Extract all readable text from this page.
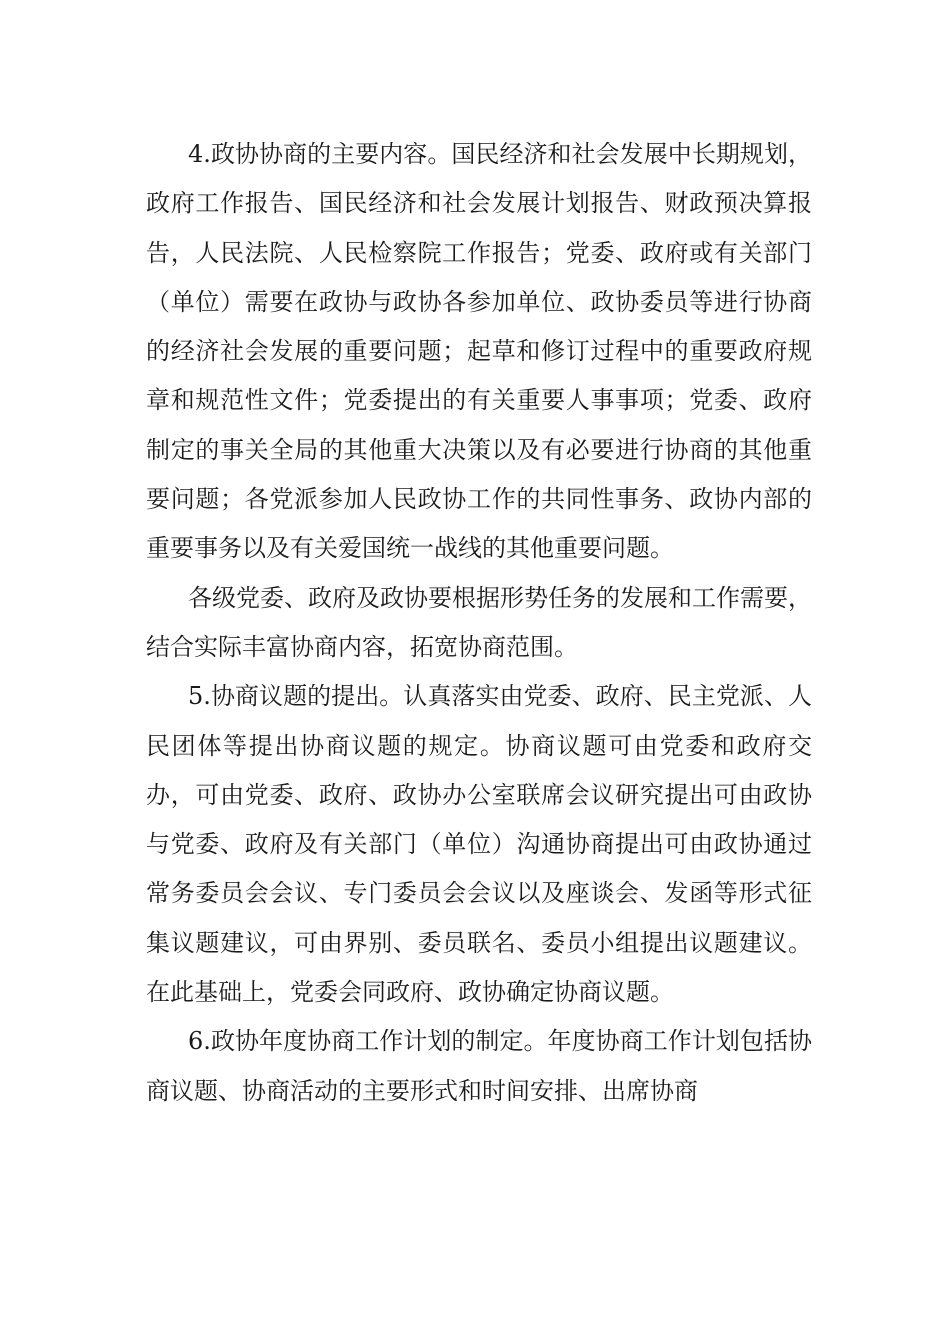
4.政协协商的主要内容。国民经济和社会发展中长期规划，政府工作报告、国民经济和社会发展计划报告、财政预决算报告，人民法院、人民检察院工作报告；党委、政府或有关部门（单位）需要在政协与政协各参加单位、政协委员等进行协商的经济社会发展的重要问题；起草和修订过程中的重要政府规章和规范性文件；党委提出的有关重要人事事项；党委、政府制定的事关全局的其他重大决策以及有必要进行协商的其他重要问题；各党派参加人民政协工作的共同性事务、政协内部的重要事务以及有关爱国统一战线的其他重要问题。

各级党委、政府及政协要根据形势任务的发展和工作需要，结合实际丰富协商内容，拓宽协商范围。

5.协商议题的提出。认真落实由党委、政府、民主党派、人民团体等提出协商议题的规定。协商议题可由党委和政府交办，可由党委、政府、政协办公室联席会议研究提出可由政协与党委、政府及有关部门（单位）沟通协商提出可由政协通过常务委员会会议、专门委员会会议以及座谈会、发函等形式征集议题建议，可由界别、委员联名、委员小组提出议题建议。在此基础上，党委会同政府、政协确定协商议题。

6.政协年度协商工作计划的制定。年度协商工作计划包括协商议题、协商活动的主要形式和时间安排、出席协商
